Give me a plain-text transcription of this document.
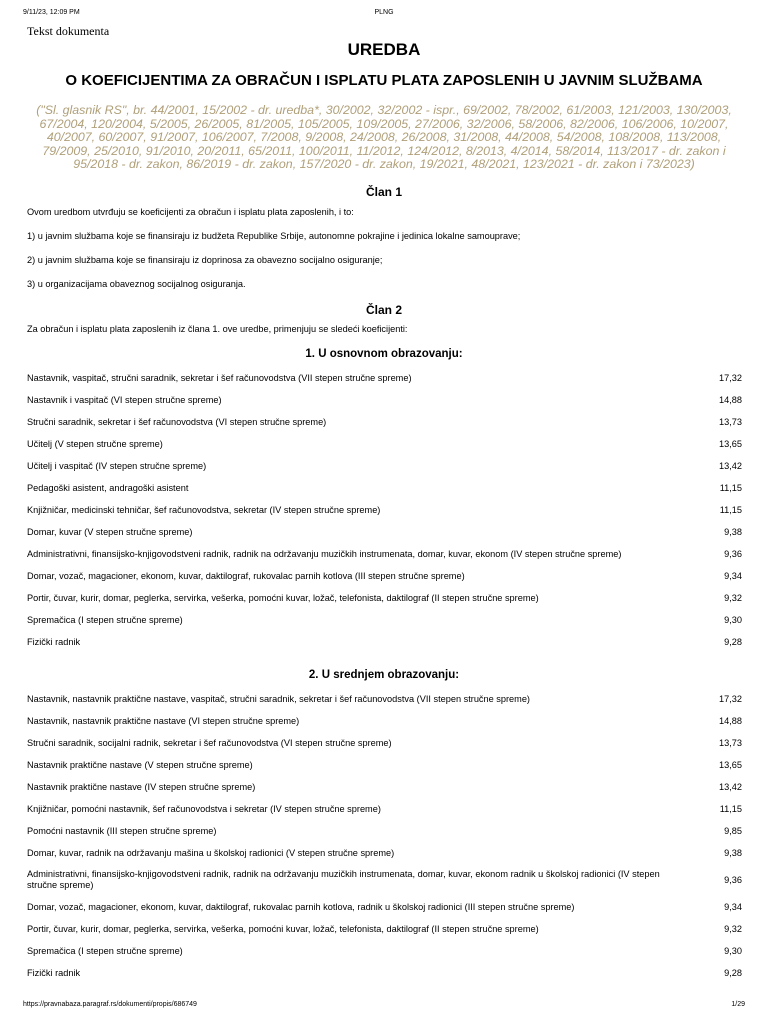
9/11/23, 12:09 PM	PLNG
Tekst dokumenta
UREDBA
O KOEFICIJENTIMA ZA OBRAČUN I ISPLATU PLATA ZAPOSLENIH U JAVNIM SLUŽBAMA
("Sl. glasnik RS", br. 44/2001, 15/2002 - dr. uredba*, 30/2002, 32/2002 - ispr., 69/2002, 78/2002, 61/2003, 121/2003, 130/2003, 67/2004, 120/2004, 5/2005, 26/2005, 81/2005, 105/2005, 109/2005, 27/2006, 32/2006, 58/2006, 82/2006, 106/2006, 10/2007, 40/2007, 60/2007, 91/2007, 106/2007, 7/2008, 9/2008, 24/2008, 26/2008, 31/2008, 44/2008, 54/2008, 108/2008, 113/2008, 79/2009, 25/2010, 91/2010, 20/2011, 65/2011, 100/2011, 11/2012, 124/2012, 8/2013, 4/2014, 58/2014, 113/2017 - dr. zakon i 95/2018 - dr. zakon, 86/2019 - dr. zakon, 157/2020 - dr. zakon, 19/2021, 48/2021, 123/2021 - dr. zakon i 73/2023)
Član 1
Ovom uredbom utvrđuju se koeficijenti za obračun i isplatu plata zaposlenih, i to:
1) u javnim službama koje se finansiraju iz budžeta Republike Srbije, autonomne pokrajine i jedinica lokalne samouprave;
2) u javnim službama koje se finansiraju iz doprinosa za obavezno socijalno osiguranje;
3) u organizacijama obaveznog socijalnog osiguranja.
Član 2
Za obračun i isplatu plata zaposlenih iz člana 1. ove uredbe, primenjuju se sledeći koeficijenti:
1. U osnovnom obrazovanju:
Nastavnik, vaspitač, stručni saradnik, sekretar i šef računovodstva (VII stepen stručne spreme)	17,32
Nastavnik i vaspitač (VI stepen stručne spreme)	14,88
Stručni saradnik, sekretar i šef računovodstva (VI stepen stručne spreme)	13,73
Učitelj (V stepen stručne spreme)	13,65
Učitelj i vaspitač (IV stepen stručne spreme)	13,42
Pedagoški asistent, andragoški asistent	11,15
Knjižničar, medicinski tehničar, šef računovodstva, sekretar (IV stepen stručne spreme)	11,15
Domar, kuvar (V stepen stručne spreme)	9,38
Administrativni, finansijsko-knjigovodstveni radnik, radnik na održavanju muzičkih instrumenata, domar, kuvar, ekonom (IV stepen stručne spreme)	9,36
Domar, vozač, magacioner, ekonom, kuvar, daktilograf, rukovalac parnih kotlova (III stepen stručne spreme)	9,34
Portir, čuvar, kurir, domar, peglerka, servirka, vešerka, pomoćni kuvar, ložač, telefonista, daktilograf (II stepen stručne spreme)	9,32
Spremačica (I stepen stručne spreme)	9,30
Fizički radnik	9,28
2. U srednjem obrazovanju:
Nastavnik, nastavnik praktične nastave, vaspitač, stručni saradnik, sekretar i šef računovodstva (VII stepen stručne spreme)	17,32
Nastavnik, nastavnik praktične nastave (VI stepen stručne spreme)	14,88
Stručni saradnik, socijalni radnik, sekretar i šef računovodstva (VI stepen stručne spreme)	13,73
Nastavnik praktične nastave (V stepen stručne spreme)	13,65
Nastavnik praktične nastave (IV stepen stručne spreme)	13,42
Knjižničar, pomoćni nastavnik, šef računovodstva i sekretar (IV stepen stručne spreme)	11,15
Pomoćni nastavnik (III stepen stručne spreme)	9,85
Domar, kuvar, radnik na održavanju mašina u školskoj radionici (V stepen stručne spreme)	9,38
Administrativni, finansijsko-knjigovodstveni radnik, radnik na održavanju muzičkih instrumenata, domar, kuvar, ekonom radnik u školskoj radionici (IV stepen stručne spreme)	9,36
Domar, vozač, magacioner, ekonom, kuvar, daktilograf, rukovalac parnih kotlova, radnik u školskoj radionici (III stepen stručne spreme)	9,34
Portir, čuvar, kurir, domar, peglerka, servirka, vešerka, pomoćni kuvar, ložač, telefonista, daktilograf (II stepen stručne spreme)	9,32
Spremačica (I stepen stručne spreme)	9,30
Fizički radnik	9,28
https://pravnabaza.paragraf.rs/dokumenti/propis/686749	1/29
